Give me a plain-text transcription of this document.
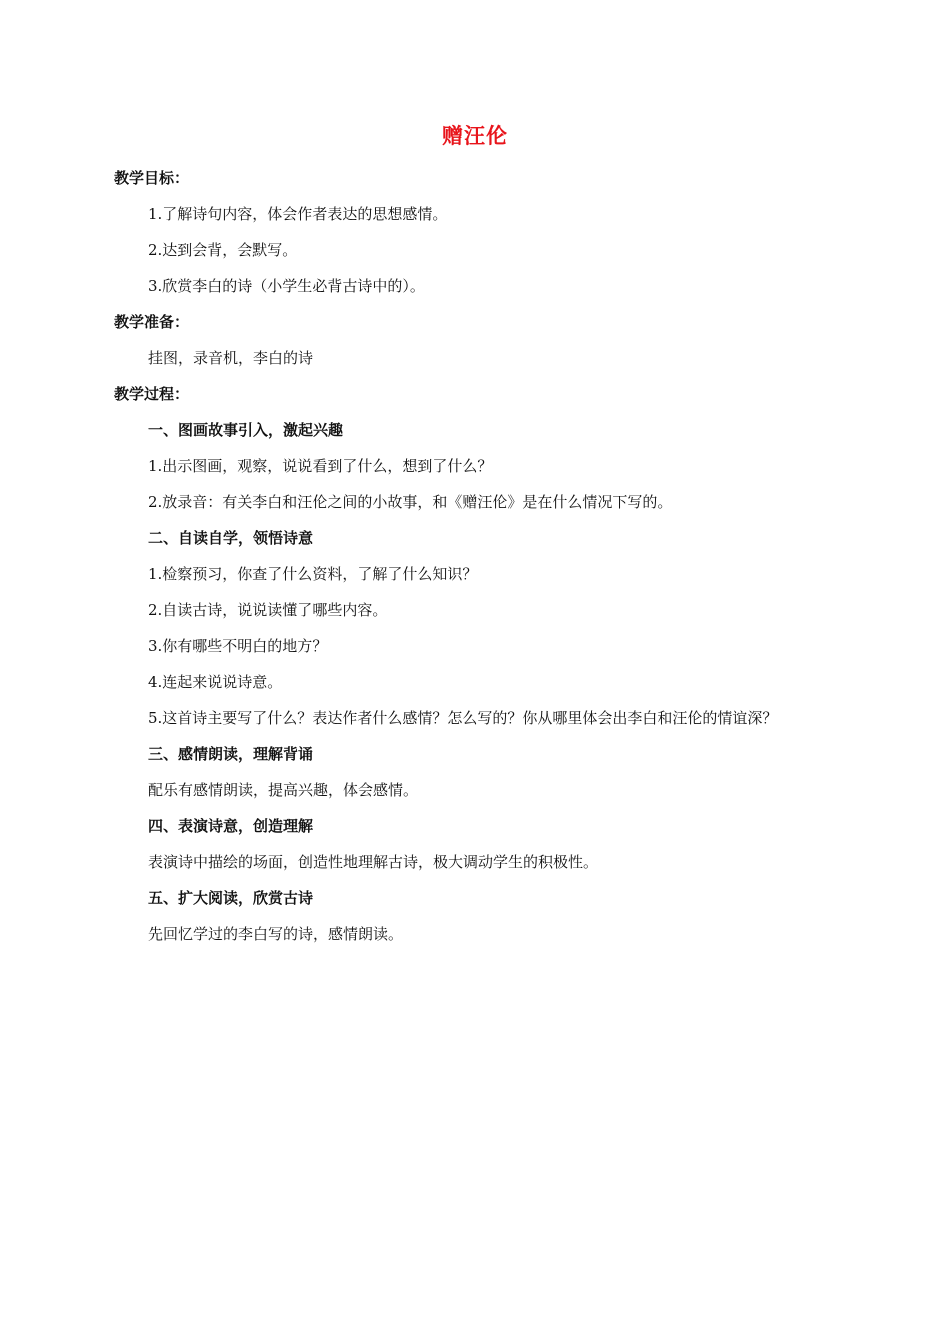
赠汪伦
教学目标：
1.了解诗句内容，体会作者表达的思想感情。
2.达到会背，会默写。
3.欣赏李白的诗（小学生必背古诗中的）。
教学准备：
挂图，录音机，李白的诗
教学过程：
一、图画故事引入，激起兴趣
1.出示图画，观察，说说看到了什么，想到了什么？
2.放录音：有关李白和汪伦之间的小故事，和《赠汪伦》是在什么情况下写的。
二、自读自学，领悟诗意
1.检察预习，你查了什么资料，了解了什么知识？
2.自读古诗，说说读懂了哪些内容。
3.你有哪些不明白的地方？
4.连起来说说诗意。
5.这首诗主要写了什么？表达作者什么感情？怎么写的？你从哪里体会出李白和汪伦的情谊深？
三、感情朗读，理解背诵
配乐有感情朗读，提高兴趣，体会感情。
四、表演诗意，创造理解
表演诗中描绘的场面，创造性地理解古诗，极大调动学生的积极性。
五、扩大阅读，欣赏古诗
先回忆学过的李白写的诗，感情朗读。
